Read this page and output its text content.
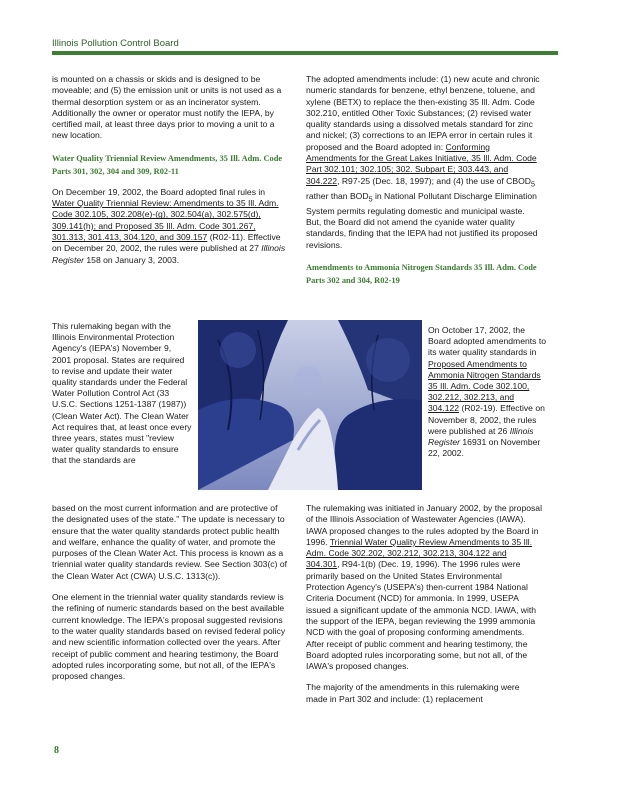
Illinois Pollution Control Board

is mounted on a chassis or skids and is designed to be moveable; and (5) the emission unit or units is not used as a thermal desorption system or as an incinerator system. Additionally the owner or operator must notify the IEPA, by certified mail, at least three days prior to moving a unit to a new location.

Water Quality Triennial Review Amendments, 35 Ill. Adm. Code Parts 301, 302, 304 and 309, R02-11

On December 19, 2002, the Board adopted final rules in Water Quality Triennial Review: Amendments to 35 Ill. Adm. Code 302.105, 302.208(e)-(g), 302.504(a), 302.575(d), 309.141(h); and Proposed 35 Ill. Adm. Code 301.267, 301.313, 301.413, 304.120, and 309.157 (R02-11). Effective on December 20, 2002, the rules were published at 27 Illinois Register 158 on January 3, 2003.

This rulemaking began with the Illinois Environmental Protection Agency's (IEPA's) November 9, 2001 proposal. States are required to revise and update their water quality standards under the Federal Water Pollution Control Act (33 U.S.C. Sections 1251-1387 (1987)) (Clean Water Act). The Clean Water Act requires that, at least once every three years, states must "review water quality standards to ensure that the standards are

based on the most current information and are protective of the designated uses of the state." The update is necessary to ensure that the water quality standards protect public health and welfare, enhance the quality of water, and promote the purposes of the Clean Water Act. This process is known as a triennial water quality standards review. See Section 303(c) of the Clean Water Act (CWA) U.S.C. 1313(c)).

One element in the triennial water quality standards review is the refining of numeric standards based on the best available current knowledge. The IEPA's proposal suggested revisions to the water quality standards based on revised federal policy and new scientific information collected over the years. After receipt of public comment and hearing testimony, the Board adopted rules incorporating some, but not all, of the IEPA's proposed changes.

The adopted amendments include: (1) new acute and chronic numeric standards for benzene, ethyl benzene, toluene, and xylene (BETX) to replace the then-existing 35 Ill. Adm. Code 302.210, entitled Other Toxic Substances; (2) revised water quality standards using a dissolved metals standard for zinc and nickel; (3) corrections to an IEPA error in certain rules it proposed and the Board adopted in: Conforming Amendments for the Great Lakes Initiative, 35 Ill. Adm. Code Part 302.101; 302.105; 302. Subpart E; 303.443, and 304.222, R97-25 (Dec. 18, 1997); and (4) the use of $CBOD_5$ rather than $BOD_5$ in National Pollutant Discharge Elimination System permits regulating domestic and municipal waste. But, the Board did not amend the cyanide water quality standards, finding that the IEPA had not justified its proposed revisions.

Amendments to Ammonia Nitrogen Standards 35 Ill. Adm. Code Parts 302 and 304, R02-19
On October 17, 2002, the Board adopted amendments to its water quality standards in Proposed Amendments to Ammonia Nitrogen Standards 35 Ill. Adm. Code 302.100, 302.212, 302.213, and 304.122 (R02-19). Effective on November 8, 2002, the rules were published at 26 Illinois Register 16931 on November 22, 2002.

The rulemaking was initiated in January 2002, by the proposal of the Illinois Association of Wastewater Agencies (IAWA). IAWA proposed changes to the rules adopted by the Board in 1996. Triennial Water Quality Review Amendments to 35 Ill. Adm. Code 302.202, 302.212, 302.213, 304.122 and 304.301, R94-1(b) (Dec. 19, 1996). The 1996 rules were primarily based on the United States Environmental Protection Agency's (USEPA's) then-current 1984 National Criteria Document (NCD) for ammonia. In 1999, USEPA issued a significant update of the ammonia NCD. IAWA, with the support of the IEPA, began reviewing the 1999 ammonia NCD with the goal of proposing conforming amendments. After receipt of public comment and hearing testimony, the Board adopted rules incorporating some, but not all, of the IAWA's proposed changes.

The majority of the amendments in this rulemaking were made in Part 302 and include: (1) replacement

8
